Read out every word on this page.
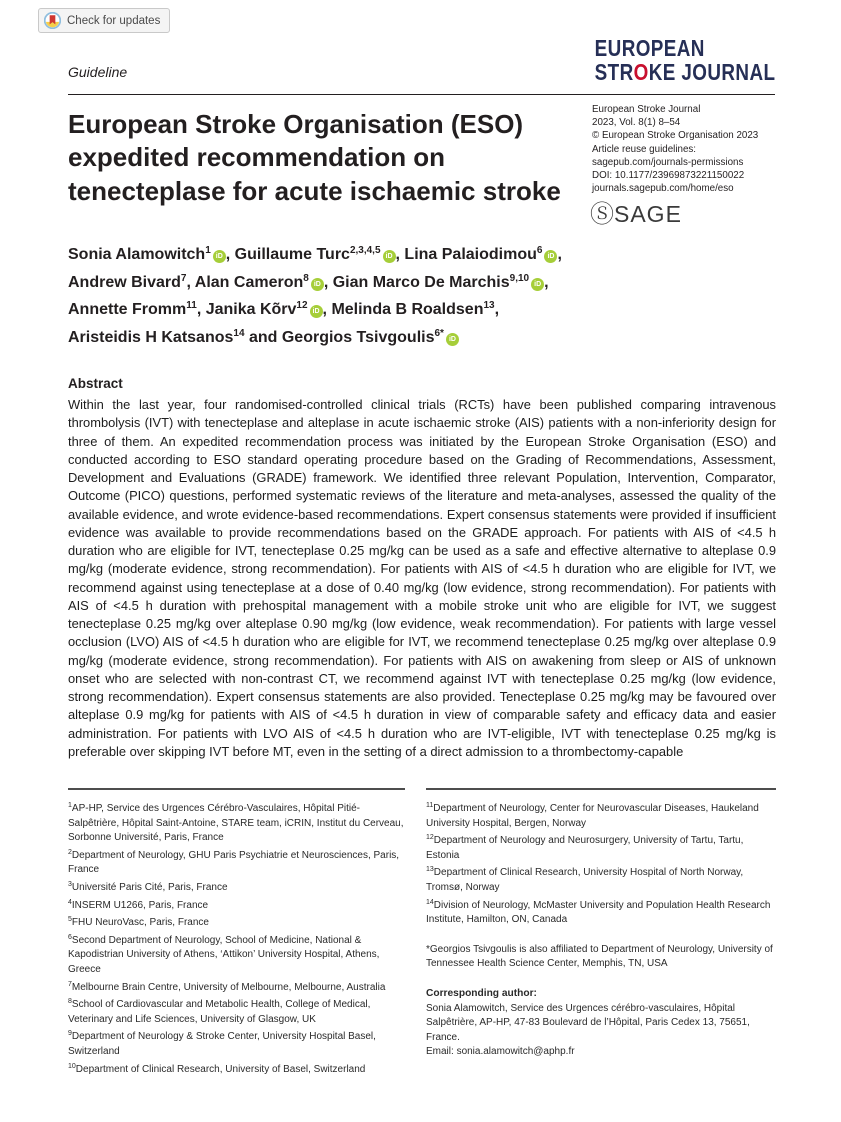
Check for updates
Guideline
European Stroke Organisation (ESO) expedited recommendation on tenecteplase for acute ischaemic stroke
EUROPEAN
STROKE JOURNAL
European Stroke Journal
2023, Vol. 8(1) 8–54
© European Stroke Organisation 2023
Article reuse guidelines:
sagepub.com/journals-permissions
DOI: 10.1177/23969873221150022
journals.sagepub.com/home/eso
ⓈSAGE
Sonia Alamowitch$^1$iD , Guillaume Turc$^{2,3,4,5}$iD , Lina Palaiodimou$^6$iD ,
Andrew Bivard$^7$, Alan Cameron$^8$iD , Gian Marco De Marchis$^{9,10}$iD ,
Annette Fromm$^{11}$, Janika Kõrv$^{12}$iD , Melinda B Roaldsen$^{13}$,
Aristeidis H Katsanos$^{14}$ and Georgios Tsivgoulis$^{6*}$iD
Abstract

Within the last year, four randomised-controlled clinical trials (RCTs) have been published comparing intravenous thrombolysis (IVT) with tenecteplase and alteplase in acute ischaemic stroke (AIS) patients with a non-inferiority design for three of them. An expedited recommendation process was initiated by the European Stroke Organisation (ESO) and conducted according to ESO standard operating procedure based on the Grading of Recommendations, Assessment, Development and Evaluations (GRADE) framework. We identified three relevant Population, Intervention, Comparator, Outcome (PICO) questions, performed systematic reviews of the literature and meta-analyses, assessed the quality of the available evidence, and wrote evidence-based recommendations. Expert consensus statements were provided if insufficient evidence was available to provide recommendations based on the GRADE approach. For patients with AIS of <4.5 h duration who are eligible for IVT, tenecteplase 0.25 mg/kg can be used as a safe and effective alternative to alteplase 0.9 mg/kg (moderate evidence, strong recommendation). For patients with AIS of <4.5 h duration who are eligible for IVT, we recommend against using tenecteplase at a dose of 0.40 mg/kg (low evidence, strong recommendation). For patients with AIS of <4.5 h duration with prehospital management with a mobile stroke unit who are eligible for IVT, we suggest tenecteplase 0.25 mg/kg over alteplase 0.90 mg/kg (low evidence, weak recommendation). For patients with large vessel occlusion (LVO) AIS of <4.5 h duration who are eligible for IVT, we recommend tenecteplase 0.25 mg/kg over alteplase 0.9 mg/kg (moderate evidence, strong recommendation). For patients with AIS on awakening from sleep or AIS of unknown onset who are selected with non-contrast CT, we recommend against IVT with tenecteplase 0.25 mg/kg (low evidence, strong recommendation). Expert consensus statements are also provided. Tenecteplase 0.25 mg/kg may be favoured over alteplase 0.9 mg/kg for patients with AIS of <4.5 h duration in view of comparable safety and efficacy data and easier administration. For patients with LVO AIS of <4.5 h duration who are IVT-eligible, IVT with tenecteplase 0.25 mg/kg is preferable over skipping IVT before MT, even in the setting of a direct admission to a thrombectomy-capable

$^1$AP-HP, Service des Urgences Cérébro-Vasculaires, Hôpital Pitié-Salpêtrière, Hôpital Saint-Antoine, STARE team, iCRIN, Institut du Cerveau, Sorbonne Université, Paris, France

$^2$Department of Neurology, GHU Paris Psychiatrie et Neurosciences, Paris, France

$^3$Université Paris Cité, Paris, France

$^4$INSERM U1266, Paris, France

$^5$FHU NeuroVasc, Paris, France

$^6$Second Department of Neurology, School of Medicine, National & Kapodistrian University of Athens, ‘Attikon’ University Hospital, Athens, Greece

$^7$Melbourne Brain Centre, University of Melbourne, Melbourne, Australia

$^8$School of Cardiovascular and Metabolic Health, College of Medical, Veterinary and Life Sciences, University of Glasgow, UK

$^9$Department of Neurology & Stroke Center, University Hospital Basel, Switzerland

$^{10}$Department of Clinical Research, University of Basel, Switzerland

$^{11}$Department of Neurology, Center for Neurovascular Diseases, Haukeland University Hospital, Bergen, Norway

$^{12}$Department of Neurology and Neurosurgery, University of Tartu, Tartu, Estonia

$^{13}$Department of Clinical Research, University Hospital of North Norway, Tromsø, Norway

$^{14}$Division of Neurology, McMaster University and Population Health Research Institute, Hamilton, ON, Canada

*Georgios Tsivgoulis is also affiliated to Department of Neurology, University of Tennessee Health Science Center, Memphis, TN, USA

Corresponding author:

Sonia Alamowitch, Service des Urgences cérébro-vasculaires, Hôpital Salpêtrière, AP-HP, 47-83 Boulevard de l’Hôpital, Paris Cedex 13, 75651, France.

Email: sonia.alamowitch@aphp.fr
